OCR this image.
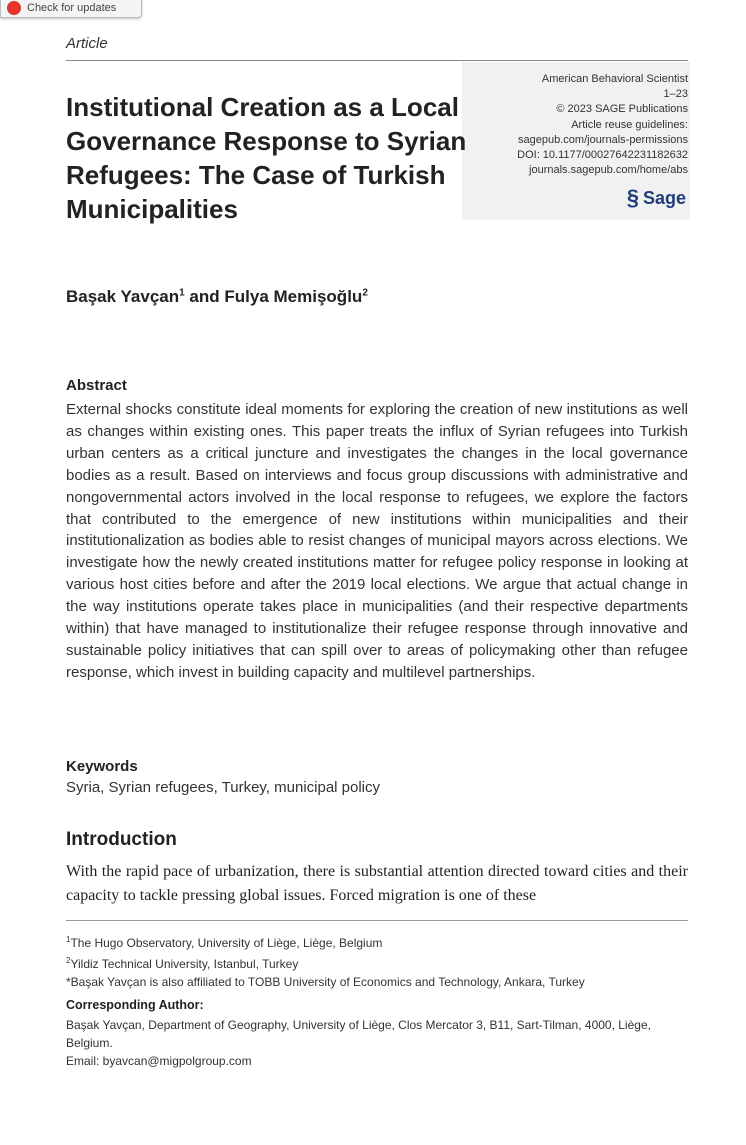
Check for updates
Article
American Behavioral Scientist
1–23
© 2023 SAGE Publications
Article reuse guidelines:
sagepub.com/journals-permissions
DOI: 10.1177/00027642231182632
journals.sagepub.com/home/abs
§ Sage
Institutional Creation as a Local Governance Response to Syrian Refugees: The Case of Turkish Municipalities
Başak Yavçan$^1$ and Fulya Memişoğlu$^2$
Abstract

External shocks constitute ideal moments for exploring the creation of new institutions as well as changes within existing ones. This paper treats the influx of Syrian refugees into Turkish urban centers as a critical juncture and investigates the changes in the local governance bodies as a result. Based on interviews and focus group discussions with administrative and nongovernmental actors involved in the local response to refugees, we explore the factors that contributed to the emergence of new institutions within municipalities and their institutionalization as bodies able to resist changes of municipal mayors across elections. We investigate how the newly created institutions matter for refugee policy response in looking at various host cities before and after the 2019 local elections. We argue that actual change in the way institutions operate takes place in municipalities (and their respective departments within) that have managed to institutionalize their refugee response through innovative and sustainable policy initiatives that can spill over to areas of policymaking other than refugee response, which invest in building capacity and multilevel partnerships.

Keywords
Syria, Syrian refugees, Turkey, municipal policy
Introduction

With the rapid pace of urbanization, there is substantial attention directed toward cities and their capacity to tackle pressing global issues. Forced migration is one of these

$^1$The Hugo Observatory, University of Liège, Liège, Belgium
$^2$Yildiz Technical University, Istanbul, Turkey
*Başak Yavçan is also affiliated to TOBB University of Economics and Technology, Ankara, Turkey
Corresponding Author:
Başak Yavçan, Department of Geography, University of Liège, Clos Mercator 3, B11, Sart-Tilman, 4000, Liège, Belgium.
Email: byavcan@migpolgroup.com
